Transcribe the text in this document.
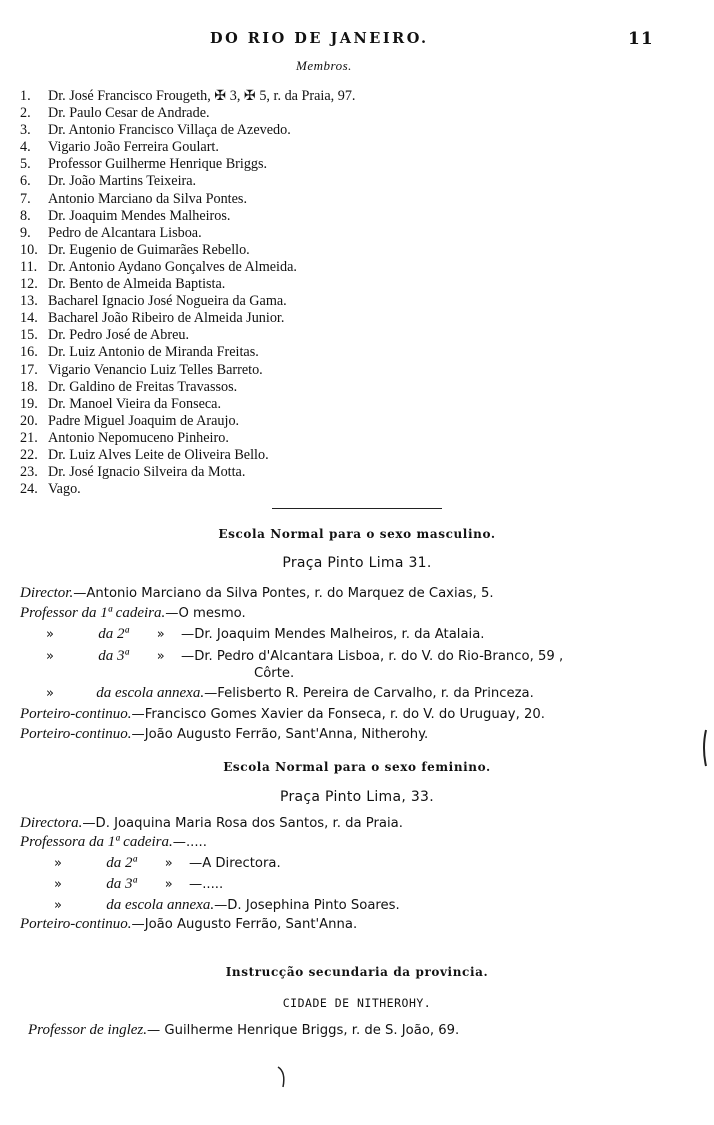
DO RIO DE JANEIRO.	11
Membros.
1. Dr. José Francisco Frougeth, ✠ 3, ✠ 5, r. da Praia, 97.
2. Dr. Paulo Cesar de Andrade.
3. Dr. Antonio Francisco Villaça de Azevedo.
4. Vigario João Ferreira Goulart.
5. Professor Guilherme Henrique Briggs.
6. Dr. João Martins Teixeira.
7. Antonio Marciano da Silva Pontes.
8. Dr. Joaquim Mendes Malheiros.
9. Pedro de Alcantara Lisboa.
10. Dr. Eugenio de Guimarães Rebello.
11. Dr. Antonio Aydano Gonçalves de Almeida.
12. Dr. Bento de Almeida Baptista.
13. Bacharel Ignacio José Nogueira da Gama.
14. Bacharel João Ribeiro de Almeida Junior.
15. Dr. Pedro José de Abreu.
16. Dr. Luiz Antonio de Miranda Freitas.
17. Vigario Venancio Luiz Telles Barreto.
18. Dr. Galdino de Freitas Travassos.
19. Dr. Manoel Vieira da Fonseca.
20. Padre Miguel Joaquim de Araujo.
21. Antonio Nepomuceno Pinheiro.
22. Dr. Luiz Alves Leite de Oliveira Bello.
23. Dr. José Ignacio Silveira da Motta.
24. Vago.
Escola Normal para o sexo masculino.
Praça Pinto Lima 31.
Director.—Antonio Marciano da Silva Pontes, r. do Marquez de Caxias, 5.
Professor da 1ª cadeira.—O mesmo.
»	da 2ª » —Dr. Joaquim Mendes Malheiros, r. da Atalaia.
»	da 3ª » —Dr. Pedro d'Alcantara Lisboa, r. do V. do Rio-Branco, 59 ,
Côrte.
»	da escola annexa.—Felisberto R. Pereira de Carvalho, r. da Princeza.
Porteiro-continuo.—Francisco Gomes Xavier da Fonseca, r. do V. do Uruguay, 20.
Porteiro-continuo.—João Augusto Ferrão, Sant'Anna, Nitherohy.
Escola Normal para o sexo feminino.
Praça Pinto Lima, 33.
Directora.—D. Joaquina Maria Rosa dos Santos, r. da Praia.
Professora da 1ª cadeira.—.....
»	da 2ª » —A Directora.
»	da 3ª » —.....
»	da escola annexa.—D. Josephina Pinto Soares.
Porteiro-continuo.—João Augusto Ferrão, Sant'Anna.
Instrucção secundaria da provincia.
CIDADE DE NITHEROHY.
Professor de inglez.— Guilherme Henrique Briggs, r. de S. João, 69.
